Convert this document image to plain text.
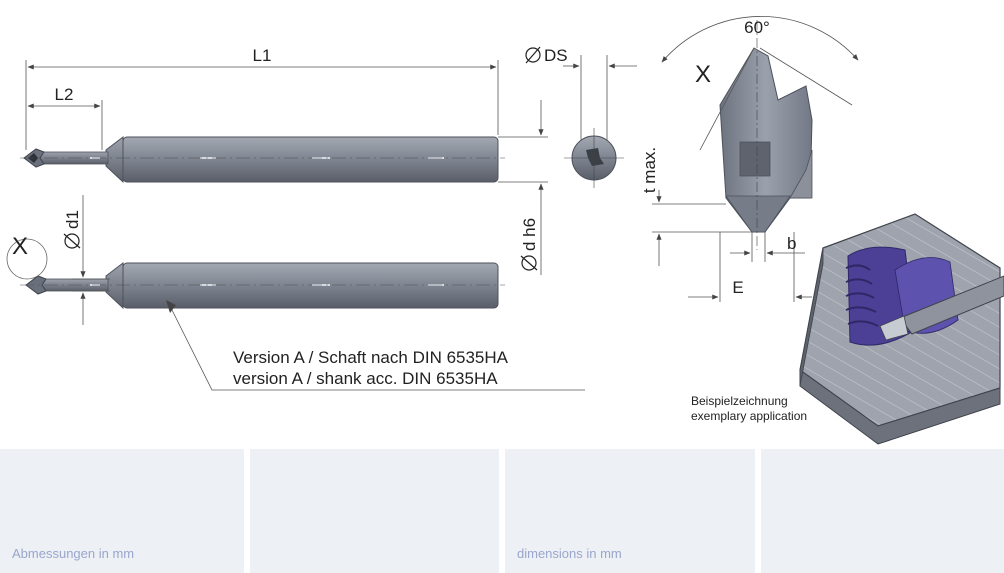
L1
L2
DS
d h6
d1
X
X
60°
t max.
b
E
Version A / Schaft nach DIN 6535HA
version A / shank acc. DIN 6535HA
Beispielzeichnung
exemplary application
Abmessungen in mm	dimensions in mm
